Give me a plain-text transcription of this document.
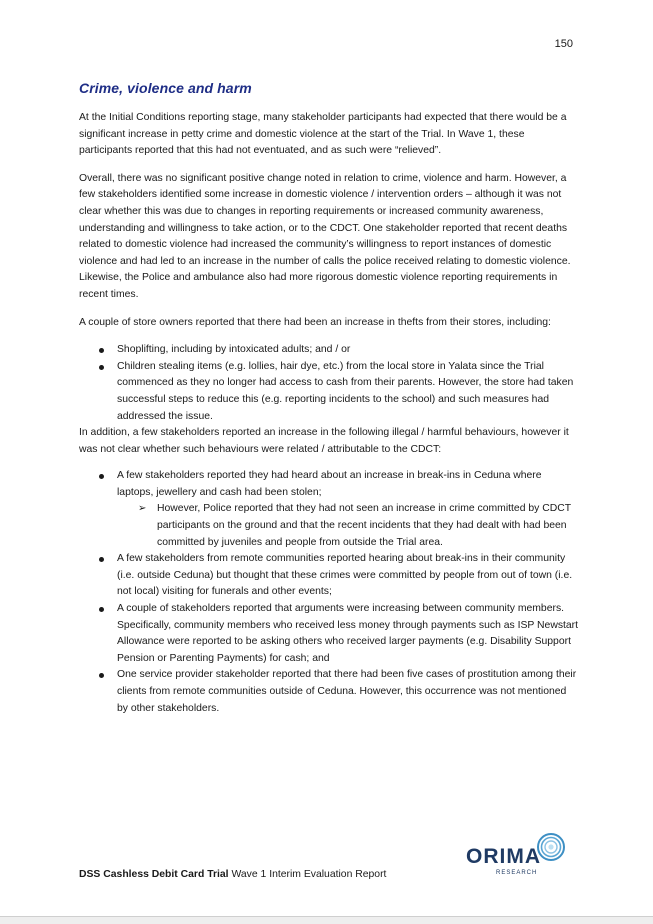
150
Crime, violence and harm

At the Initial Conditions reporting stage, many stakeholder participants had expected that there would be a significant increase in petty crime and domestic violence at the start of the Trial. In Wave 1, these participants reported that this had not eventuated, and as such were “relieved”.

Overall, there was no significant positive change noted in relation to crime, violence and harm. However, a few stakeholders identified some increase in domestic violence / intervention orders – although it was not clear whether this was due to changes in reporting requirements or increased community awareness, understanding and willingness to take action, or to the CDCT. One stakeholder reported that recent deaths related to domestic violence had increased the community’s willingness to report instances of domestic violence and had led to an increase in the number of calls the police received relating to domestic violence. Likewise, the Police and ambulance also had more rigorous domestic violence reporting requirements in recent times.

A couple of store owners reported that there had been an increase in thefts from their stores, including:

Shoplifting, including by intoxicated adults; and / or
Children stealing items (e.g. lollies, hair dye, etc.) from the local store in Yalata since the Trial commenced as they no longer had access to cash from their parents. However, the store had taken successful steps to reduce this (e.g. reporting incidents to the school) and such measures had addressed the issue.

In addition, a few stakeholders reported an increase in the following illegal / harmful behaviours, however it was not clear whether such behaviours were related / attributable to the CDCT:

A few stakeholders reported they had heard about an increase in break-ins in Ceduna where laptops, jewellery and cash had been stolen;
➢ However, Police reported that they had not seen an increase in crime committed by CDCT participants on the ground and that the recent incidents that they had dealt with had been committed by juveniles and people from outside the Trial area.
A few stakeholders from remote communities reported hearing about break-ins in their community (i.e. outside Ceduna) but thought that these crimes were committed by people from out of town (i.e. not local) visiting for funerals and other events;
A couple of stakeholders reported that arguments were increasing between community members. Specifically, community members who received less money through payments such as ISP Newstart Allowance were reported to be asking others who received larger payments (e.g. Disability Support Pension or Parenting Payments) for cash; and
One service provider stakeholder reported that there had been five cases of prostitution among their clients from remote communities outside of Ceduna. However, this occurrence was not mentioned by other stakeholders.
DSS Cashless Debit Card Trial Wave 1 Interim Evaluation Report
ORIMA
RESEARCH
